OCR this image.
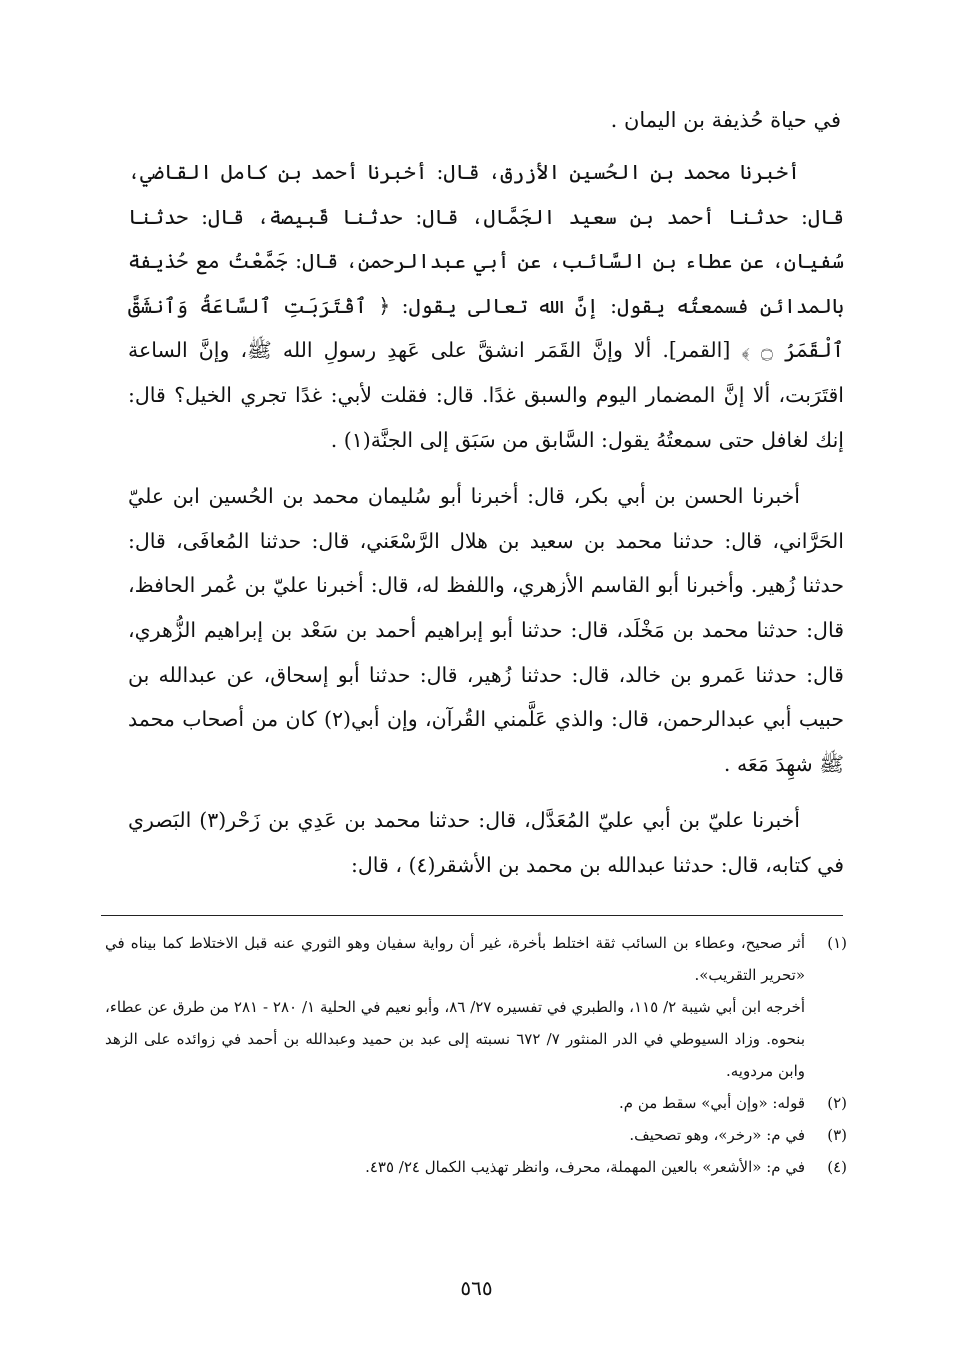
في حياة حُذيفة بن اليمان .

أخبرنا محمد بن الحُسين الأزرق، قال: أخبرنا أحمد بن كامل القاضي، قال: حدثنا أحمد بن سعيد الجَمَّال، قال: حدثنا قَبيصة، قال: حدثنا سُفيان، عن عطاء بن السَّائب، عن أبي عبدالرحمن، قال: جَمَّعْتُ مع حُذيفة بالمدائن فسمعتُه يقول: إنَّ الله تعالى يقول: ﴿ ٱقْتَرَبَتِ ٱلسَّاعَةُ وَٱنشَقَّ ٱلْقَمَرُ ۝ ﴾ [القمر]. ألا وإنَّ القَمَر انشقَّ على عَهدِ رسولِ الله ﷺ، وإنَّ الساعة اقتَرَبت، ألا إنَّ المضمار اليوم والسبق غدًا. قال: فقلت لأبي: غدًا تجري الخيل؟ قال: إنك لغافل حتى سمعتُهُ يقول: السَّابق من سَبَق إلى الجنَّة(١) .

أخبرنا الحسن بن أبي بكر، قال: أخبرنا أبو سُليمان محمد بن الحُسين ابن عليّ الحَرَّاني، قال: حدثنا محمد بن سعيد بن هلال الرَّسْعَني، قال: حدثنا المُعافَى، قال: حدثنا زُهير. وأخبرنا أبو القاسم الأزهري، واللفظ له، قال: أخبرنا عليّ بن عُمر الحافظ، قال: حدثنا محمد بن مَخْلَد، قال: حدثنا أبو إبراهيم أحمد بن سَعْد بن إبراهيم الزُّهري، قال: حدثنا عَمرو بن خالد، قال: حدثنا زُهير، قال: حدثنا أبو إسحاق، عن عبدالله بن حبيب أبي عبدالرحمن، قال: والذي عَلَّمني القُرآن، وإن أبي(٢) كان من أصحاب محمد ﷺ شهِدَ مَعَه .

أخبرنا عليّ بن أبي عليّ المُعَدَّل، قال: حدثنا محمد بن عَدِي بن زَحْر(٣) البَصري في كتابه، قال: حدثنا عبدالله بن محمد بن الأشقر(٤) ، قال:

(١)
أثر صحيح، وعطاء بن السائب ثقة اختلط بأخرة، غير أن رواية سفيان وهو الثوري عنه قبل الاختلاط كما بيناه في «تحرير التقريب».
أخرجه ابن أبي شيبة ٢/ ١١٥، والطبري في تفسيره ٢٧/ ٨٦، وأبو نعيم في الحلية ١/ ٢٨٠ - ٢٨١ من طرق عن عطاء، بنحوه. وزاد السيوطي في الدر المنثور ٧/ ٦٧٢ نسبته إلى عبد بن حميد وعبدالله بن أحمد في زوائده على الزهد وابن مردويه.
(٢)
قوله: «وإن أبي» سقط من م.
(٣)
في م: «رخر»، وهو تصحيف.
(٤)
في م: «الأشعر» بالعين المهملة، محرف، وانظر تهذيب الكمال ٢٤/ ٤٣٥.
٥٦٥
